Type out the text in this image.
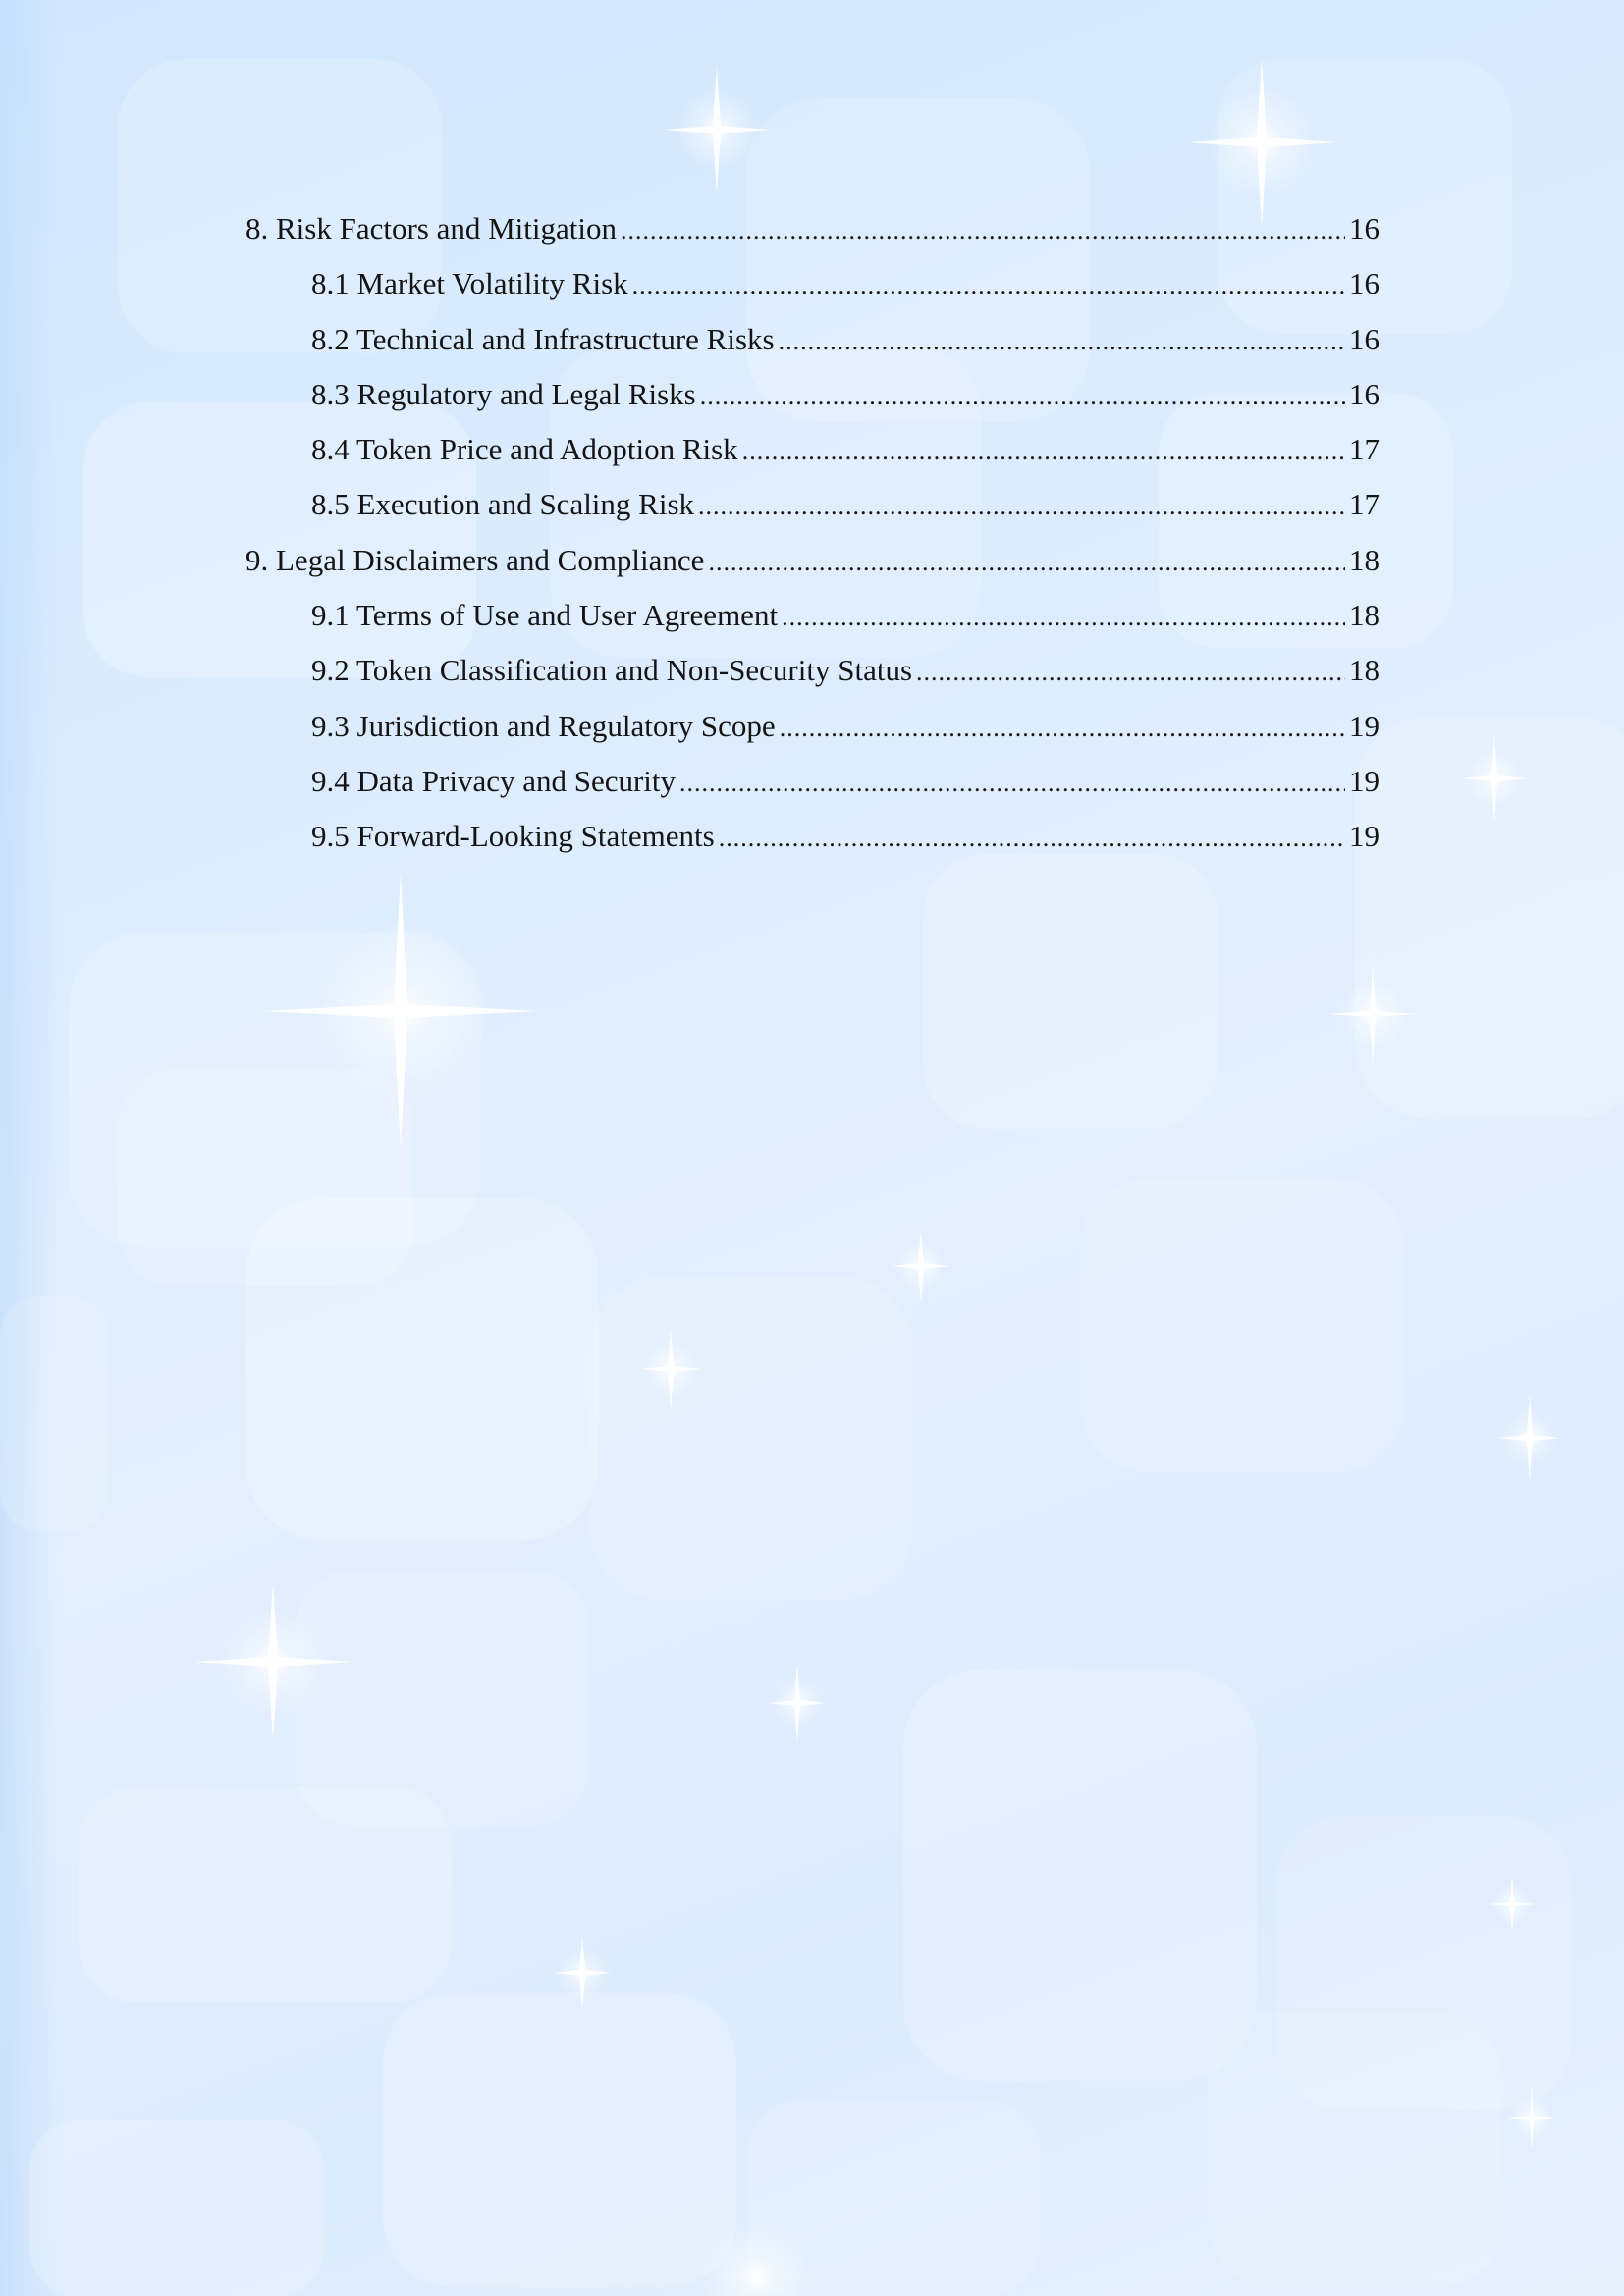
8. Risk Factors and Mitigation .....	16
8.1 Market Volatility Risk .....	16
8.2 Technical and Infrastructure Risks .....	16
8.3 Regulatory and Legal Risks .....	16
8.4 Token Price and Adoption Risk .....	17
8.5 Execution and Scaling Risk .....	17
9. Legal Disclaimers and Compliance .....	18
9.1 Terms of Use and User Agreement .....	18
9.2 Token Classification and Non-Security Status .....	18
9.3 Jurisdiction and Regulatory Scope .....	19
9.4 Data Privacy and Security .....	19
9.5 Forward-Looking Statements .....	19
